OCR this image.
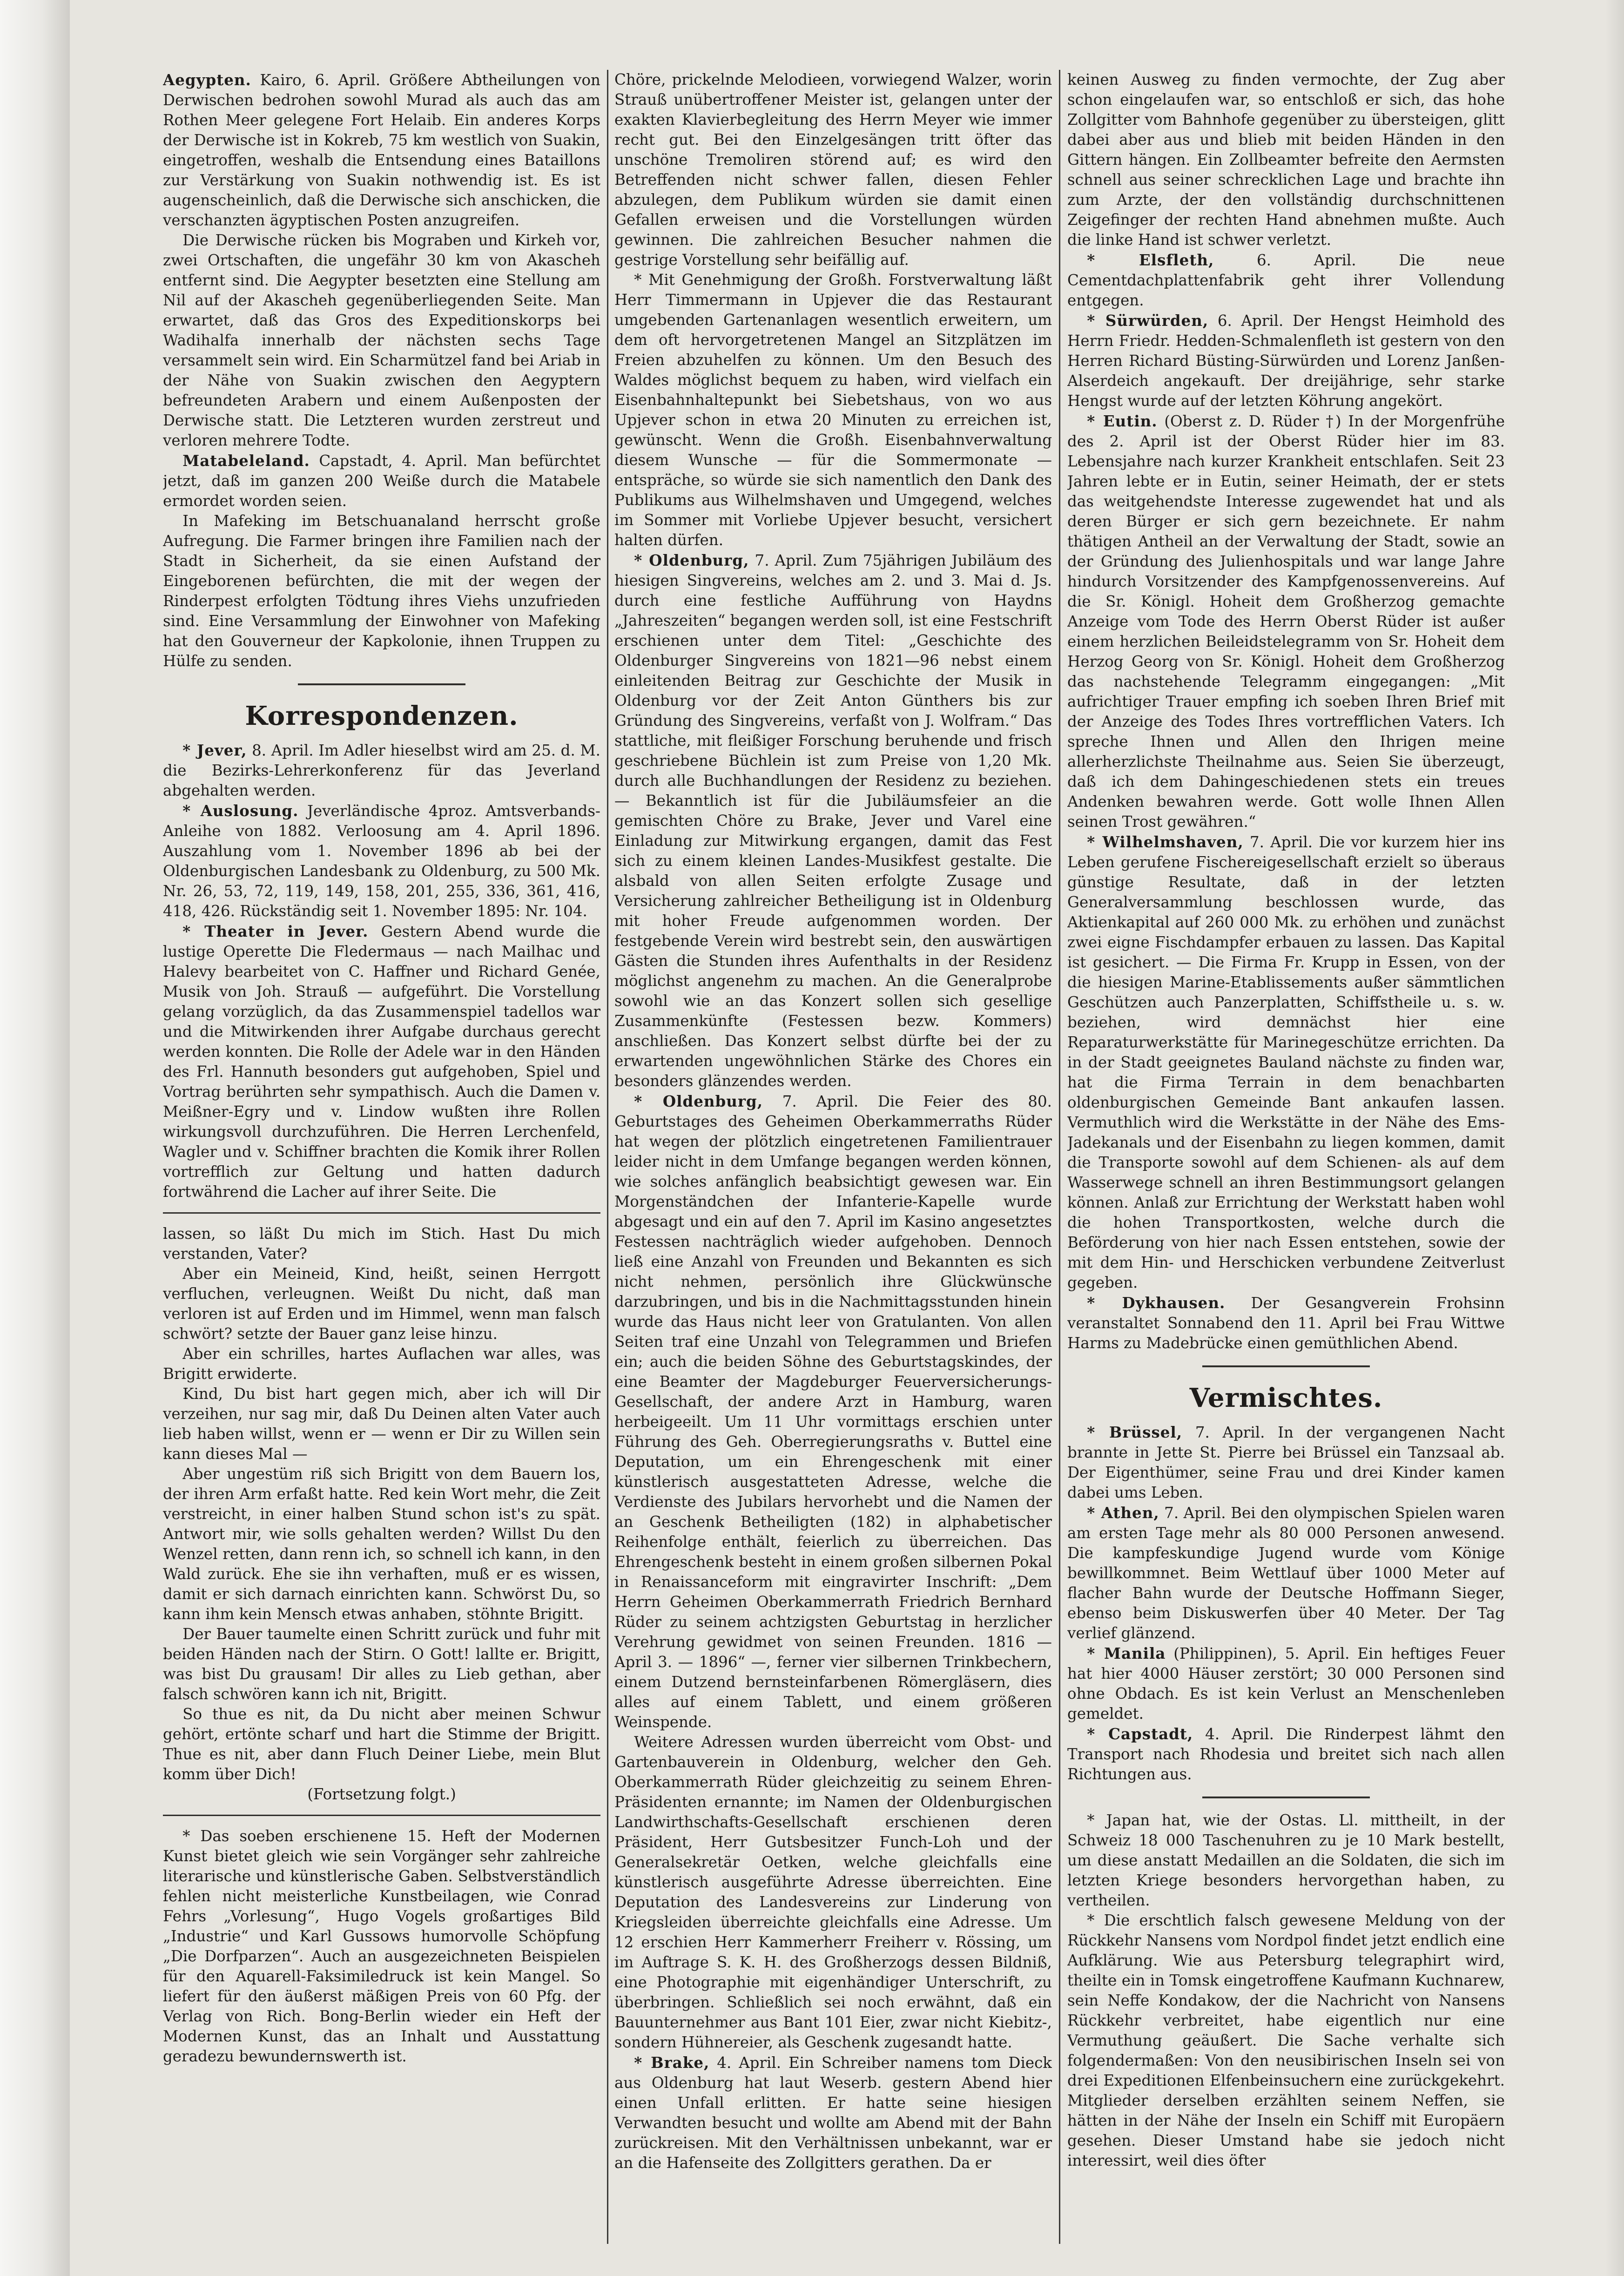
Aegypten. Kairo, 6. April. Größere Abtheilungen von Derwischen bedrohen sowohl Murad als auch das am Rothen Meer gelegene Fort Helaib. Ein anderes Korps der Derwische ist in Kokreb, 75 km westlich von Suakin, eingetroffen, weshalb die Entsendung eines Bataillons zur Verstärkung von Suakin nothwendig ist. Es ist augenscheinlich, daß die Derwische sich anschicken, die verschanzten ägyptischen Posten anzugreifen.

Die Derwische rücken bis Mograben und Kirkeh vor, zwei Ortschaften, die ungefähr 30 km von Akascheh entfernt sind. Die Aegypter besetzten eine Stellung am Nil auf der Akascheh gegenüberliegenden Seite. Man erwartet, daß das Gros des Expeditionskorps bei Wadihalfa innerhalb der nächsten sechs Tage versammelt sein wird. Ein Scharmützel fand bei Ariab in der Nähe von Suakin zwischen den Aegyptern befreundeten Arabern und einem Außenposten der Derwische statt. Die Letzteren wurden zerstreut und verloren mehrere Todte.

Matabeleland. Capstadt, 4. April. Man befürchtet jetzt, daß im ganzen 200 Weiße durch die Matabele ermordet worden seien.

In Mafeking im Betschuanaland herrscht große Aufregung. Die Farmer bringen ihre Familien nach der Stadt in Sicherheit, da sie einen Aufstand der Eingeborenen befürchten, die mit der wegen der Rinderpest erfolgten Tödtung ihres Viehs unzufrieden sind. Eine Versammlung der Einwohner von Mafeking hat den Gouverneur der Kapkolonie, ihnen Truppen zu Hülfe zu senden.

Korrespondenzen.

* Jever, 8. April. Im Adler hieselbst wird am 25. d. M. die Bezirks-Lehrerkonferenz für das Jeverland abgehalten werden.

* Auslosung. Jeverländische 4proz. Amtsverbands-Anleihe von 1882. Verloosung am 4. April 1896. Auszahlung vom 1. November 1896 ab bei der Oldenburgischen Landesbank zu Oldenburg, zu 500 Mk. Nr. 26, 53, 72, 119, 149, 158, 201, 255, 336, 361, 416, 418, 426. Rückständig seit 1. November 1895: Nr. 104.

* Theater in Jever. Gestern Abend wurde die lustige Operette Die Fledermaus — nach Mailhac und Halevy bearbeitet von C. Haffner und Richard Genée, Musik von Joh. Strauß — aufgeführt. Die Vorstellung gelang vorzüglich, da das Zusammenspiel tadellos war und die Mitwirkenden ihrer Aufgabe durchaus gerecht werden konnten. Die Rolle der Adele war in den Händen des Frl. Hannuth besonders gut aufgehoben, Spiel und Vortrag berührten sehr sympathisch. Auch die Damen v. Meißner-Egry und v. Lindow wußten ihre Rollen wirkungsvoll durchzuführen. Die Herren Lerchenfeld, Wagler und v. Schiffner brachten die Komik ihrer Rollen vortrefflich zur Geltung und hatten dadurch fortwährend die Lacher auf ihrer Seite. Die

lassen, so läßt Du mich im Stich. Hast Du mich verstanden, Vater?

Aber ein Meineid, Kind, heißt, seinen Herrgott verfluchen, verleugnen. Weißt Du nicht, daß man verloren ist auf Erden und im Himmel, wenn man falsch schwört? setzte der Bauer ganz leise hinzu.

Aber ein schrilles, hartes Auflachen war alles, was Brigitt erwiderte.

Kind, Du bist hart gegen mich, aber ich will Dir verzeihen, nur sag mir, daß Du Deinen alten Vater auch lieb haben willst, wenn er — wenn er Dir zu Willen sein kann dieses Mal —

Aber ungestüm riß sich Brigitt von dem Bauern los, der ihren Arm erfaßt hatte. Red kein Wort mehr, die Zeit verstreicht, in einer halben Stund schon ist's zu spät. Antwort mir, wie solls gehalten werden? Willst Du den Wenzel retten, dann renn ich, so schnell ich kann, in den Wald zurück. Ehe sie ihn verhaften, muß er es wissen, damit er sich darnach einrichten kann. Schwörst Du, so kann ihm kein Mensch etwas anhaben, stöhnte Brigitt.

Der Bauer taumelte einen Schritt zurück und fuhr mit beiden Händen nach der Stirn. O Gott! lallte er. Brigitt, was bist Du grausam! Dir alles zu Lieb gethan, aber falsch schwören kann ich nit, Brigitt.

So thue es nit, da Du nicht aber meinen Schwur gehört, ertönte scharf und hart die Stimme der Brigitt. Thue es nit, aber dann Fluch Deiner Liebe, mein Blut komm über Dich!

(Fortsetzung folgt.)

* Das soeben erschienene 15. Heft der Modernen Kunst bietet gleich wie sein Vorgänger sehr zahlreiche literarische und künstlerische Gaben. Selbstverständlich fehlen nicht meisterliche Kunstbeilagen, wie Conrad Fehrs „Vorlesung“, Hugo Vogels großartiges Bild „Industrie“ und Karl Gussows humorvolle Schöpfung „Die Dorfparzen“. Auch an ausgezeichneten Beispielen für den Aquarell-Faksimiledruck ist kein Mangel. So liefert für den äußerst mäßigen Preis von 60 Pfg. der Verlag von Rich. Bong-Berlin wieder ein Heft der Modernen Kunst, das an Inhalt und Ausstattung geradezu bewundernswerth ist.

Chöre, prickelnde Melodieen, vorwiegend Walzer, worin Strauß unübertroffener Meister ist, gelangen unter der exakten Klavierbegleitung des Herrn Meyer wie immer recht gut. Bei den Einzelgesängen tritt öfter das unschöne Tremoliren störend auf; es wird den Betreffenden nicht schwer fallen, diesen Fehler abzulegen, dem Publikum würden sie damit einen Gefallen erweisen und die Vorstellungen würden gewinnen. Die zahlreichen Besucher nahmen die gestrige Vorstellung sehr beifällig auf.

* Mit Genehmigung der Großh. Forstverwaltung läßt Herr Timmermann in Upjever die das Restaurant umgebenden Gartenanlagen wesentlich erweitern, um dem oft hervorgetretenen Mangel an Sitzplätzen im Freien abzuhelfen zu können. Um den Besuch des Waldes möglichst bequem zu haben, wird vielfach ein Eisenbahnhaltepunkt bei Siebetshaus, von wo aus Upjever schon in etwa 20 Minuten zu erreichen ist, gewünscht. Wenn die Großh. Eisenbahnverwaltung diesem Wunsche — für die Sommermonate — entspräche, so würde sie sich namentlich den Dank des Publikums aus Wilhelmshaven und Umgegend, welches im Sommer mit Vorliebe Upjever besucht, versichert halten dürfen.

* Oldenburg, 7. April. Zum 75jährigen Jubiläum des hiesigen Singvereins, welches am 2. und 3. Mai d. Js. durch eine festliche Aufführung von Haydns „Jahreszeiten“ begangen werden soll, ist eine Festschrift erschienen unter dem Titel: „Geschichte des Oldenburger Singvereins von 1821—96 nebst einem einleitenden Beitrag zur Geschichte der Musik in Oldenburg vor der Zeit Anton Günthers bis zur Gründung des Singvereins, verfaßt von J. Wolfram.“ Das stattliche, mit fleißiger Forschung beruhende und frisch geschriebene Büchlein ist zum Preise von 1,20 Mk. durch alle Buchhandlungen der Residenz zu beziehen. — Bekanntlich ist für die Jubiläumsfeier an die gemischten Chöre zu Brake, Jever und Varel eine Einladung zur Mitwirkung ergangen, damit das Fest sich zu einem kleinen Landes-Musikfest gestalte. Die alsbald von allen Seiten erfolgte Zusage und Versicherung zahlreicher Betheiligung ist in Oldenburg mit hoher Freude aufgenommen worden. Der festgebende Verein wird bestrebt sein, den auswärtigen Gästen die Stunden ihres Aufenthalts in der Residenz möglichst angenehm zu machen. An die Generalprobe sowohl wie an das Konzert sollen sich gesellige Zusammenkünfte (Festessen bezw. Kommers) anschließen. Das Konzert selbst dürfte bei der zu erwartenden ungewöhnlichen Stärke des Chores ein besonders glänzendes werden.

* Oldenburg, 7. April. Die Feier des 80. Geburtstages des Geheimen Oberkammerraths Rüder hat wegen der plötzlich eingetretenen Familientrauer leider nicht in dem Umfange begangen werden können, wie solches anfänglich beabsichtigt gewesen war. Ein Morgenständchen der Infanterie-Kapelle wurde abgesagt und ein auf den 7. April im Kasino angesetztes Festessen nachträglich wieder aufgehoben. Dennoch ließ eine Anzahl von Freunden und Bekannten es sich nicht nehmen, persönlich ihre Glückwünsche darzubringen, und bis in die Nachmittagsstunden hinein wurde das Haus nicht leer von Gratulanten. Von allen Seiten traf eine Unzahl von Telegrammen und Briefen ein; auch die beiden Söhne des Geburtstagskindes, der eine Beamter der Magdeburger Feuerversicherungs-Gesellschaft, der andere Arzt in Hamburg, waren herbeigeeilt. Um 11 Uhr vormittags erschien unter Führung des Geh. Oberregierungsraths v. Buttel eine Deputation, um ein Ehrengeschenk mit einer künstlerisch ausgestatteten Adresse, welche die Verdienste des Jubilars hervorhebt und die Namen der an Geschenk Betheiligten (182) in alphabetischer Reihenfolge enthält, feierlich zu überreichen. Das Ehrengeschenk besteht in einem großen silbernen Pokal in Renaissanceform mit eingravirter Inschrift: „Dem Herrn Geheimen Oberkammerrath Friedrich Bernhard Rüder zu seinem achtzigsten Geburtstag in herzlicher Verehrung gewidmet von seinen Freunden. 1816 — April 3. — 1896“ —, ferner vier silbernen Trinkbechern, einem Dutzend bernsteinfarbenen Römergläsern, dies alles auf einem Tablett, und einem größeren Weinspende.

Weitere Adressen wurden überreicht vom Obst- und Gartenbauverein in Oldenburg, welcher den Geh. Oberkammerrath Rüder gleichzeitig zu seinem Ehren-Präsidenten ernannte; im Namen der Oldenburgischen Landwirthschafts-Gesellschaft erschienen deren Präsident, Herr Gutsbesitzer Funch-Loh und der Generalsekretär Oetken, welche gleichfalls eine künstlerisch ausgeführte Adresse überreichten. Eine Deputation des Landesvereins zur Linderung von Kriegsleiden überreichte gleichfalls eine Adresse. Um 12 erschien Herr Kammerherr Freiherr v. Rössing, um im Auftrage S. K. H. des Großherzogs dessen Bildniß, eine Photographie mit eigenhändiger Unterschrift, zu überbringen. Schließlich sei noch erwähnt, daß ein Bauunternehmer aus Bant 101 Eier, zwar nicht Kiebitz-, sondern Hühnereier, als Geschenk zugesandt hatte.

* Brake, 4. April. Ein Schreiber namens tom Dieck aus Oldenburg hat laut Weserb. gestern Abend hier einen Unfall erlitten. Er hatte seine hiesigen Verwandten besucht und wollte am Abend mit der Bahn zurückreisen. Mit den Verhältnissen unbekannt, war er an die Hafenseite des Zollgitters gerathen. Da er

keinen Ausweg zu finden vermochte, der Zug aber schon eingelaufen war, so entschloß er sich, das hohe Zollgitter vom Bahnhofe gegenüber zu übersteigen, glitt dabei aber aus und blieb mit beiden Händen in den Gittern hängen. Ein Zollbeamter befreite den Aermsten schnell aus seiner schrecklichen Lage und brachte ihn zum Arzte, der den vollständig durchschnittenen Zeigefinger der rechten Hand abnehmen mußte. Auch die linke Hand ist schwer verletzt.

* Elsfleth,	6. April. Die neue Cementdachplattenfabrik geht ihrer Vollendung entgegen.

* Sürwürden, 6. April. Der Hengst Heimhold des Herrn Friedr. Hedden-Schmalenfleth ist gestern von den Herren Richard Büsting-Sürwürden und Lorenz Janßen-Alserdeich angekauft. Der dreijährige, sehr starke Hengst wurde auf der letzten Köhrung angekört.

* Eutin. (Oberst z. D. Rüder †) In der Morgenfrühe des 2. April ist der Oberst Rüder hier im 83. Lebensjahre nach kurzer Krankheit entschlafen. Seit 23 Jahren lebte er in Eutin, seiner Heimath, der er stets das weitgehendste Interesse zugewendet hat und als deren Bürger er sich gern bezeichnete. Er nahm thätigen Antheil an der Verwaltung der Stadt, sowie an der Gründung des Julienhospitals und war lange Jahre hindurch Vorsitzender des Kampfgenossenvereins. Auf die Sr. Königl. Hoheit dem Großherzog gemachte Anzeige vom Tode des Herrn Oberst Rüder ist außer einem herzlichen Beileidstelegramm von Sr. Hoheit dem Herzog Georg von Sr. Königl. Hoheit dem Großherzog das nachstehende Telegramm eingegangen: „Mit aufrichtiger Trauer empfing ich soeben Ihren Brief mit der Anzeige des Todes Ihres vortrefflichen Vaters. Ich spreche Ihnen und Allen den Ihrigen meine allerherzlichste Theilnahme aus. Seien Sie überzeugt, daß ich dem Dahingeschiedenen stets ein treues Andenken bewahren werde. Gott wolle Ihnen Allen seinen Trost gewähren.“

* Wilhelmshaven, 7. April. Die vor kurzem hier ins Leben gerufene Fischereigesellschaft erzielt so überaus günstige Resultate, daß in der letzten Generalversammlung beschlossen wurde, das Aktienkapital auf 260 000 Mk. zu erhöhen und zunächst zwei eigne Fischdampfer erbauen zu lassen. Das Kapital ist gesichert. — Die Firma Fr. Krupp in Essen, von der die hiesigen Marine-Etablissements außer sämmtlichen Geschützen auch Panzerplatten, Schiffstheile u. s. w. beziehen, wird demnächst hier eine Reparaturwerkstätte für Marinegeschütze errichten. Da in der Stadt geeignetes Bauland nächste zu finden war, hat die Firma Terrain in dem benachbarten oldenburgischen Gemeinde Bant ankaufen lassen. Vermuthlich wird die Werkstätte in der Nähe des Ems-Jadekanals und der Eisenbahn zu liegen kommen, damit die Transporte sowohl auf dem Schienen- als auf dem Wasserwege schnell an ihren Bestimmungsort gelangen können. Anlaß zur Errichtung der Werkstatt haben wohl die hohen Transportkosten, welche durch die Beförderung von hier nach Essen entstehen, sowie der mit dem Hin- und Herschicken verbundene Zeitverlust gegeben.

* Dykhausen. Der Gesangverein Frohsinn veranstaltet Sonnabend den 11. April bei Frau Wittwe Harms zu Madebrücke einen gemüthlichen Abend.

Vermischtes.

* Brüssel, 7. April. In der vergangenen Nacht brannte in Jette St. Pierre bei Brüssel ein Tanzsaal ab. Der Eigenthümer, seine Frau und drei Kinder kamen dabei ums Leben.

* Athen, 7. April. Bei den olympischen Spielen waren am ersten Tage mehr als 80 000 Personen anwesend. Die kampfeskundige Jugend wurde vom Könige bewillkommnet. Beim Wettlauf über 1000 Meter auf flacher Bahn wurde der Deutsche Hoffmann Sieger, ebenso beim Diskuswerfen über 40 Meter. Der Tag verlief glänzend.

* Manila (Philippinen), 5. April. Ein heftiges Feuer hat hier 4000 Häuser zerstört; 30 000 Personen sind ohne Obdach. Es ist kein Verlust an Menschenleben gemeldet.

* Capstadt, 4. April. Die Rinderpest lähmt den Transport nach Rhodesia und breitet sich nach allen Richtungen aus.

* Japan hat, wie der Ostas. Ll. mittheilt, in der Schweiz 18 000 Taschenuhren zu je 10 Mark bestellt, um diese anstatt Medaillen an die Soldaten, die sich im letzten Kriege besonders hervorgethan haben, zu vertheilen.

* Die erschtlich falsch gewesene Meldung von der Rückkehr Nansens vom Nordpol findet jetzt endlich eine Aufklärung. Wie aus Petersburg telegraphirt wird, theilte ein in Tomsk eingetroffene Kaufmann Kuchnarew, sein Neffe Kondakow, der die Nachricht von Nansens Rückkehr verbreitet, habe eigentlich nur eine Vermuthung geäußert. Die Sache verhalte sich folgendermaßen: Von den neusibirischen Inseln sei von drei Expeditionen Elfenbeinsuchern eine zurückgekehrt. Mitglieder derselben erzählten seinem Neffen, sie hätten in der Nähe der Inseln ein Schiff mit Europäern gesehen. Dieser Umstand habe sie jedoch nicht interessirt, weil dies öfter
